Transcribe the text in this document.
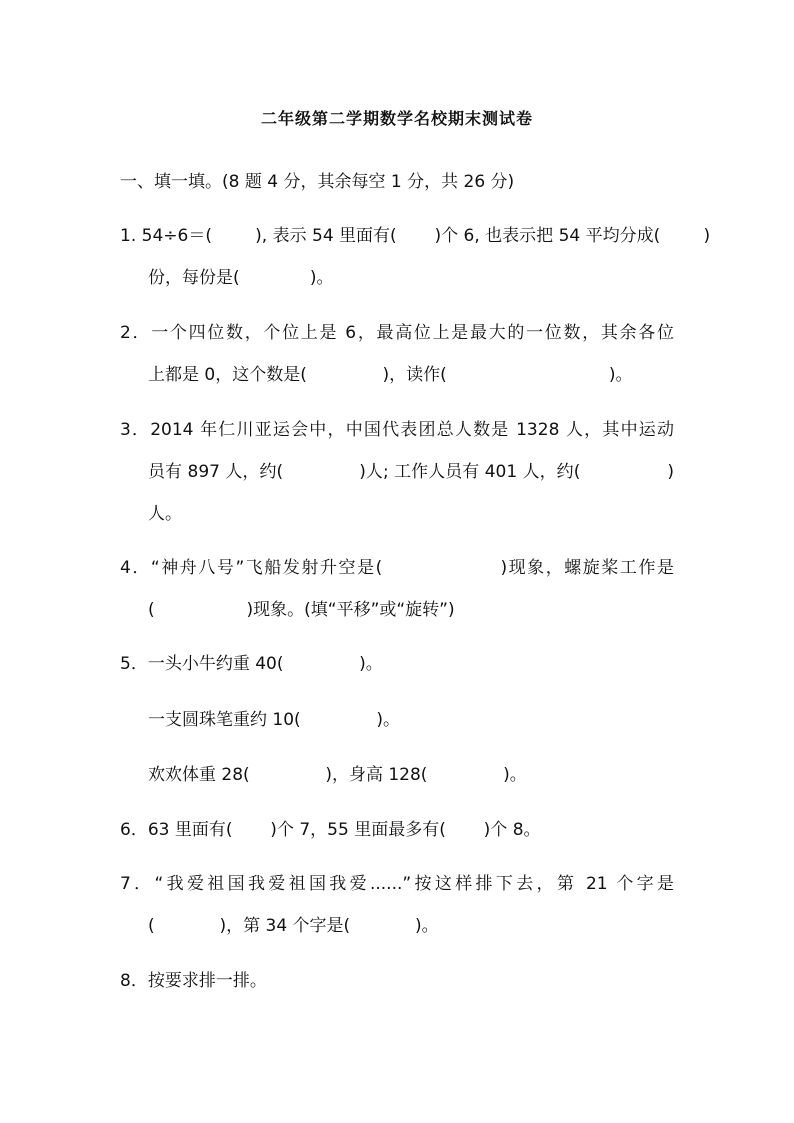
二年级第二学期数学名校期末测试卷
一、填一填。(8 题 4 分，其余每空 1 分，共 26 分)
1. 54÷6＝(        ), 表示 54 里面有(       )个 6, 也表示把 54 平均分成(        )
份，每份是(             )。
2．一个四位数，个位上是 6，最高位上是最大的一位数，其余各位
上都是 0，这个数是(              )，读作(                              )。
3．2014 年仁川亚运会中，中国代表团总人数是 1328 人，其中运动
员有 897 人，约(              )人; 工作人员有 401 人，约(                )
人。
4．“神舟八号”飞船发射升空是(                 )现象，螺旋桨工作是
(                 )现象。(填“平移”或“旋转”)
5．一头小牛约重 40(              )。
一支圆珠笔重约 10(              )。
欢欢体重 28(              )，身高 128(              )。
6．63 里面有(       )个 7，55 里面最多有(       )个 8。
7．“我爱祖国我爱祖国我爱......”按这样排下去，第 21 个字是
(            )，第 34 个字是(            )。
8．按要求排一排。
